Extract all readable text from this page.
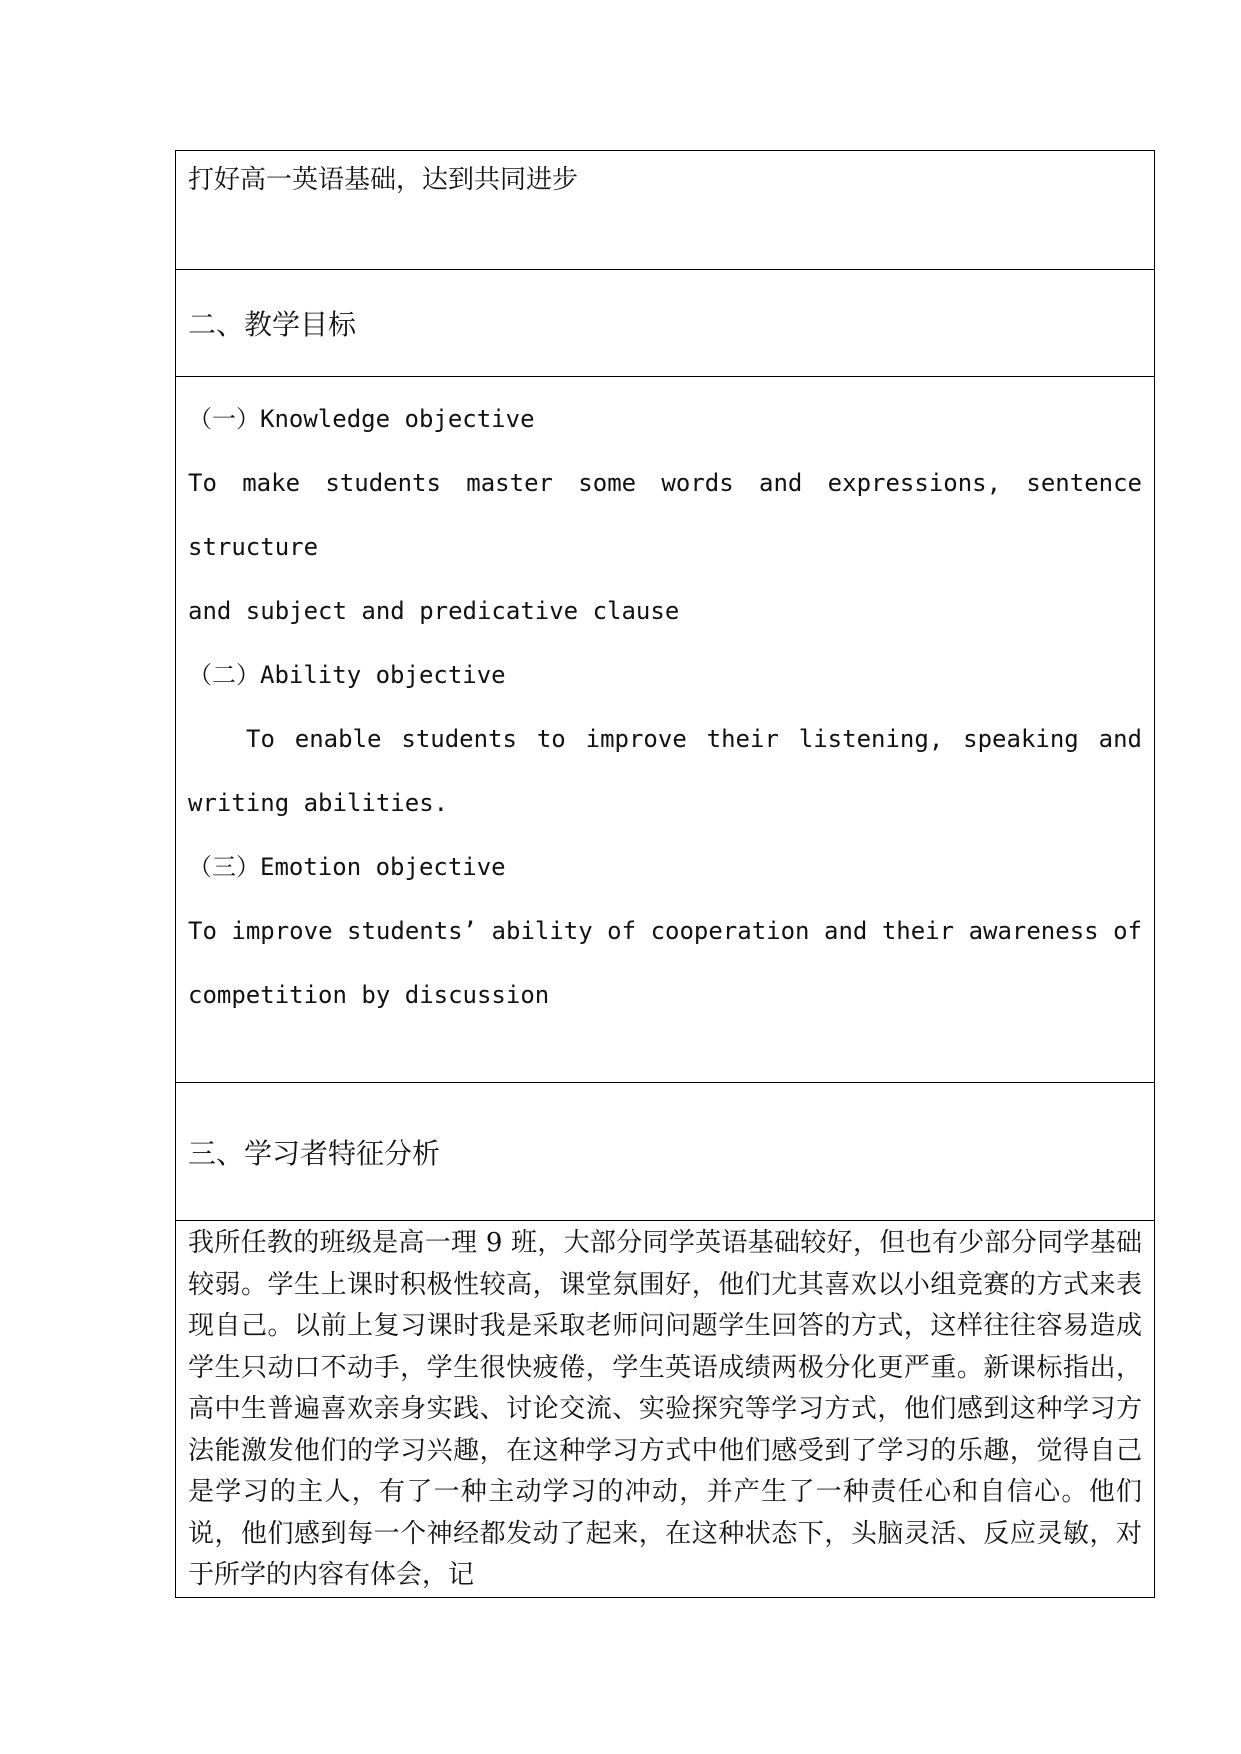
打好高一英语基础，达到共同进步

二、教学目标

（一）Knowledge objective

To make students master some words and expressions, sentence structure

and subject and predicative clause

（二）Ability objective

To enable students to improve their listening, speaking and

writing abilities.

（三）Emotion objective

To improve students’ ability of cooperation and their awareness of

competition by discussion

三、学习者特征分析

我所任教的班级是高一理 9 班，大部分同学英语基础较好，但也有少部分同学基础较弱。学生上课时积极性较高，课堂氛围好，他们尤其喜欢以小组竞赛的方式来表现自己。以前上复习课时我是采取老师问问题学生回答的方式，这样往往容易造成学生只动口不动手，学生很快疲倦，学生英语成绩两极分化更严重。新课标指出，高中生普遍喜欢亲身实践、讨论交流、实验探究等学习方式，他们感到这种学习方法能激发他们的学习兴趣，在这种学习方式中他们感受到了学习的乐趣，觉得自己是学习的主人，有了一种主动学习的冲动，并产生了一种责任心和自信心。他们说，他们感到每一个神经都发动了起来，在这种状态下，头脑灵活、反应灵敏，对于所学的内容有体会，记
